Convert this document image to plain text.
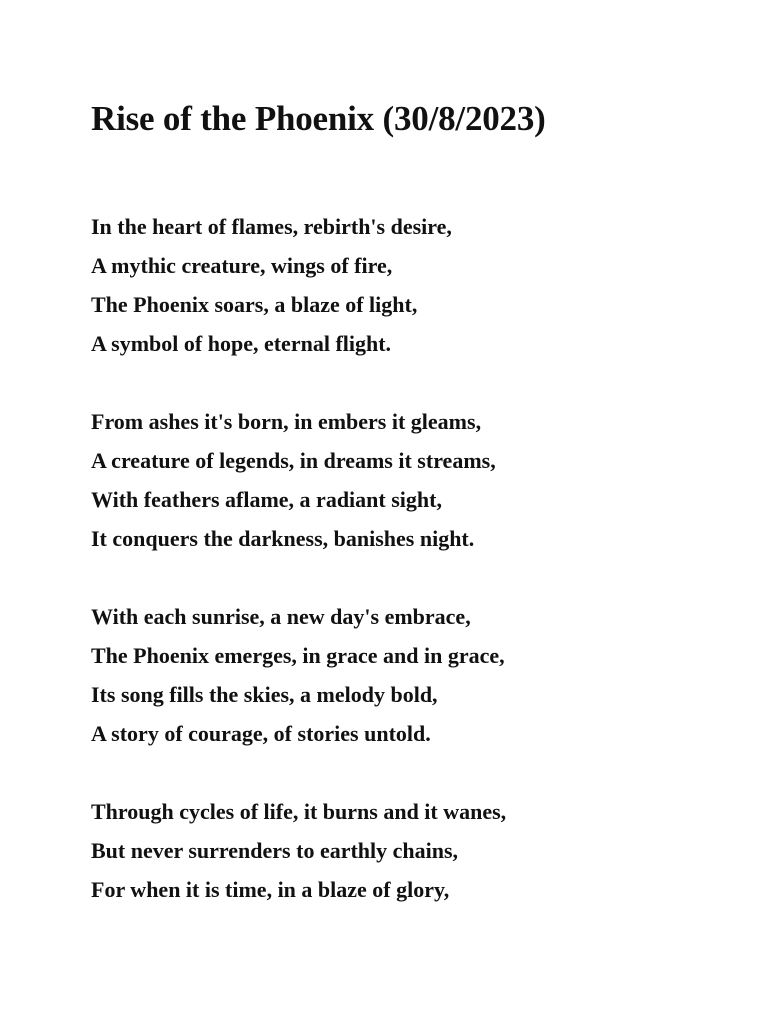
Rise of the Phoenix (30/8/2023)
In the heart of flames, rebirth's desire,
A mythic creature, wings of fire,
The Phoenix soars, a blaze of light,
A symbol of hope, eternal flight.
From ashes it's born, in embers it gleams,
A creature of legends, in dreams it streams,
With feathers aflame, a radiant sight,
It conquers the darkness, banishes night.
With each sunrise, a new day's embrace,
The Phoenix emerges, in grace and in grace,
Its song fills the skies, a melody bold,
A story of courage, of stories untold.
Through cycles of life, it burns and it wanes,
But never surrenders to earthly chains,
For when it is time, in a blaze of glory,
